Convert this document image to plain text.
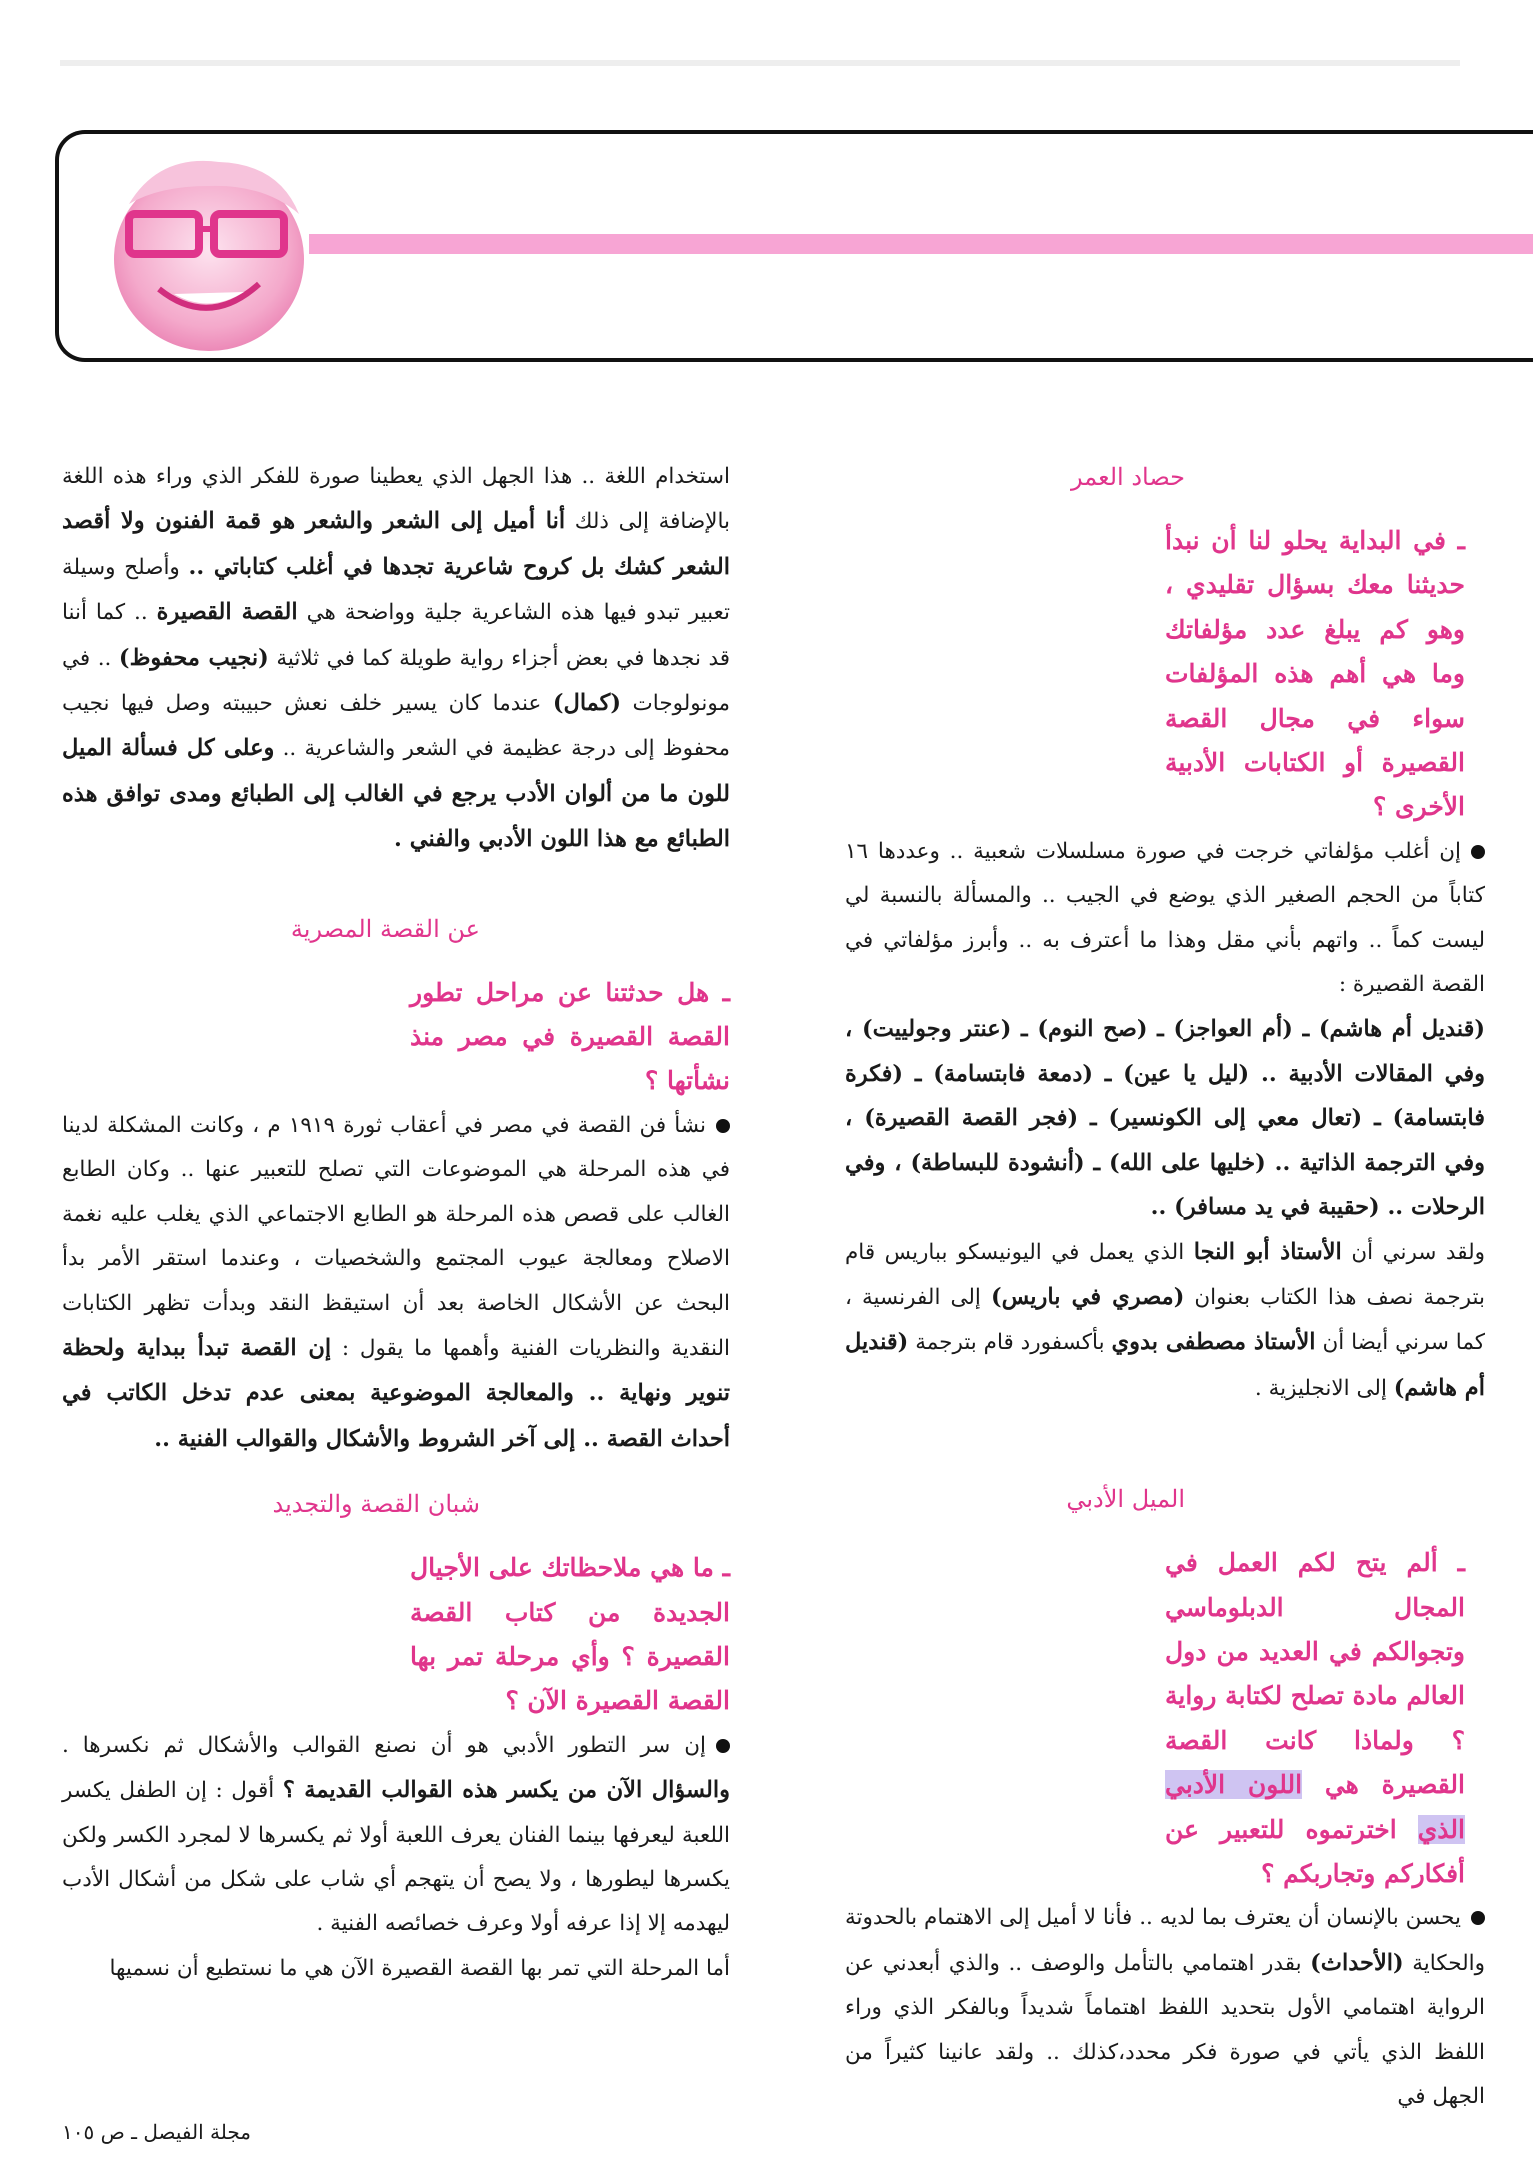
حصاد العمر

ـ في البداية يحلو لنا أن نبدأ حديثنا معك بسؤال تقليدي ، وهو كم يبلغ عدد مؤلفاتك وما هي أهم هذه المؤلفات سواء في مجال القصة القصيرة أو الكتابات الأدبية الأخرى ؟

إن أغلب مؤلفاتي خرجت في صورة مسلسلات شعبية .. وعددها ١٦ كتاباً من الحجم الصغير الذي يوضع في الجيب .. والمسألة بالنسبة لي ليست كماً .. واتهم بأني مقل وهذا ما أعترف به .. وأبرز مؤلفاتي في القصة القصيرة :

(قنديل أم هاشم) ـ (أم العواجز) ـ (صح النوم) ـ (عنتر وجولييت) ، وفي المقالات الأدبية .. (ليل يا عين) ـ (دمعة فابتسامة) ـ (فكرة فابتسامة) ـ (تعال معي إلى الكونسير) ـ (فجر القصة القصيرة) ، وفي الترجمة الذاتية .. (خليها على الله) ـ (أنشودة للبساطة) ، وفي الرحلات .. (حقيبة في يد مسافر) ..

ولقد سرني أن الأستاذ أبو النجا الذي يعمل في اليونيسكو بباريس قام بترجمة نصف هذا الكتاب بعنوان (مصري في باريس) إلى الفرنسية ، كما سرني أيضا أن الأستاذ مصطفى بدوي بأكسفورد قام بترجمة (قنديل أم هاشم) إلى الانجليزية .

الميل الأدبي

ـ ألم يتح لكم العمل في المجال الدبلوماسي وتجوالكم في العديد من دول العالم مادة تصلح لكتابة رواية ؟ ولماذا كانت القصة القصيرة هي اللون الأدبي الذي اخترتموه للتعبير عن أفكاركم وتجاربكم ؟

يحسن بالإنسان أن يعترف بما لديه .. فأنا لا أميل إلى الاهتمام بالحدوتة والحكاية (الأحداث) بقدر اهتمامي بالتأمل والوصف .. والذي أبعدني عن الرواية اهتمامي الأول بتحديد اللفظ اهتماماً شديداً وبالفكر الذي وراء اللفظ الذي يأتي في صورة فكر محدد،كذلك .. ولقد عانينا كثيراً من الجهل في

استخدام اللغة .. هذا الجهل الذي يعطينا صورة للفكر الذي وراء هذه اللغة بالإضافة إلى ذلك أنا أميل إلى الشعر والشعر هو قمة الفنون ولا أقصد الشعر كشك بل كروح شاعرية تجدها في أغلب كتاباتي .. وأصلح وسيلة تعبير تبدو فيها هذه الشاعرية جلية وواضحة هي القصة القصيرة .. كما أننا قد نجدها في بعض أجزاء رواية طويلة كما في ثلاثية (نجيب محفوظ) .. في مونولوجات (كمال) عندما كان يسير خلف نعش حبيبته وصل فيها نجيب محفوظ إلى درجة عظيمة في الشعر والشاعرية .. وعلى كل فسألة الميل للون ما من ألوان الأدب يرجع في الغالب إلى الطبائع ومدى توافق هذه الطبائع مع هذا اللون الأدبي والفني .

عن القصة المصرية

ـ هل حدثتنا عن مراحل تطور القصة القصيرة في مصر منذ نشأتها ؟

نشأ فن القصة في مصر في أعقاب ثورة ١٩١٩ م ، وكانت المشكلة لدينا في هذه المرحلة هي الموضوعات التي تصلح للتعبير عنها .. وكان الطابع الغالب على قصص هذه المرحلة هو الطابع الاجتماعي الذي يغلب عليه نغمة الاصلاح ومعالجة عيوب المجتمع والشخصيات ، وعندما استقر الأمر بدأ البحث عن الأشكال الخاصة بعد أن استيقظ النقد وبدأت تظهر الكتابات النقدية والنظريات الفنية وأهمها ما يقول : إن القصة تبدأ ببداية ولحظة تنوير ونهاية .. والمعالجة الموضوعية بمعنى عدم تدخل الكاتب في أحداث القصة .. إلى آخر الشروط والأشكال والقوالب الفنية ..

شبان القصة والتجديد

ـ ما هي ملاحظاتك على الأجيال الجديدة من كتاب القصة القصيرة ؟ وأي مرحلة تمر بها القصة القصيرة الآن ؟

إن سر التطور الأدبي هو أن نصنع القوالب والأشكال ثم نكسرها . والسؤال الآن من يكسر هذه القوالب القديمة ؟ أقول : إن الطفل يكسر اللعبة ليعرفها بينما الفنان يعرف اللعبة أولا ثم يكسرها لا لمجرد الكسر ولكن يكسرها ليطورها ، ولا يصح أن يتهجم أي شاب على شكل من أشكال الأدب ليهدمه إلا إذا عرفه أولا وعرف خصائصه الفنية .

أما المرحلة التي تمر بها القصة القصيرة الآن هي ما نستطيع أن نسميها

مجلة الفيصل ـ ص ١٠٥
